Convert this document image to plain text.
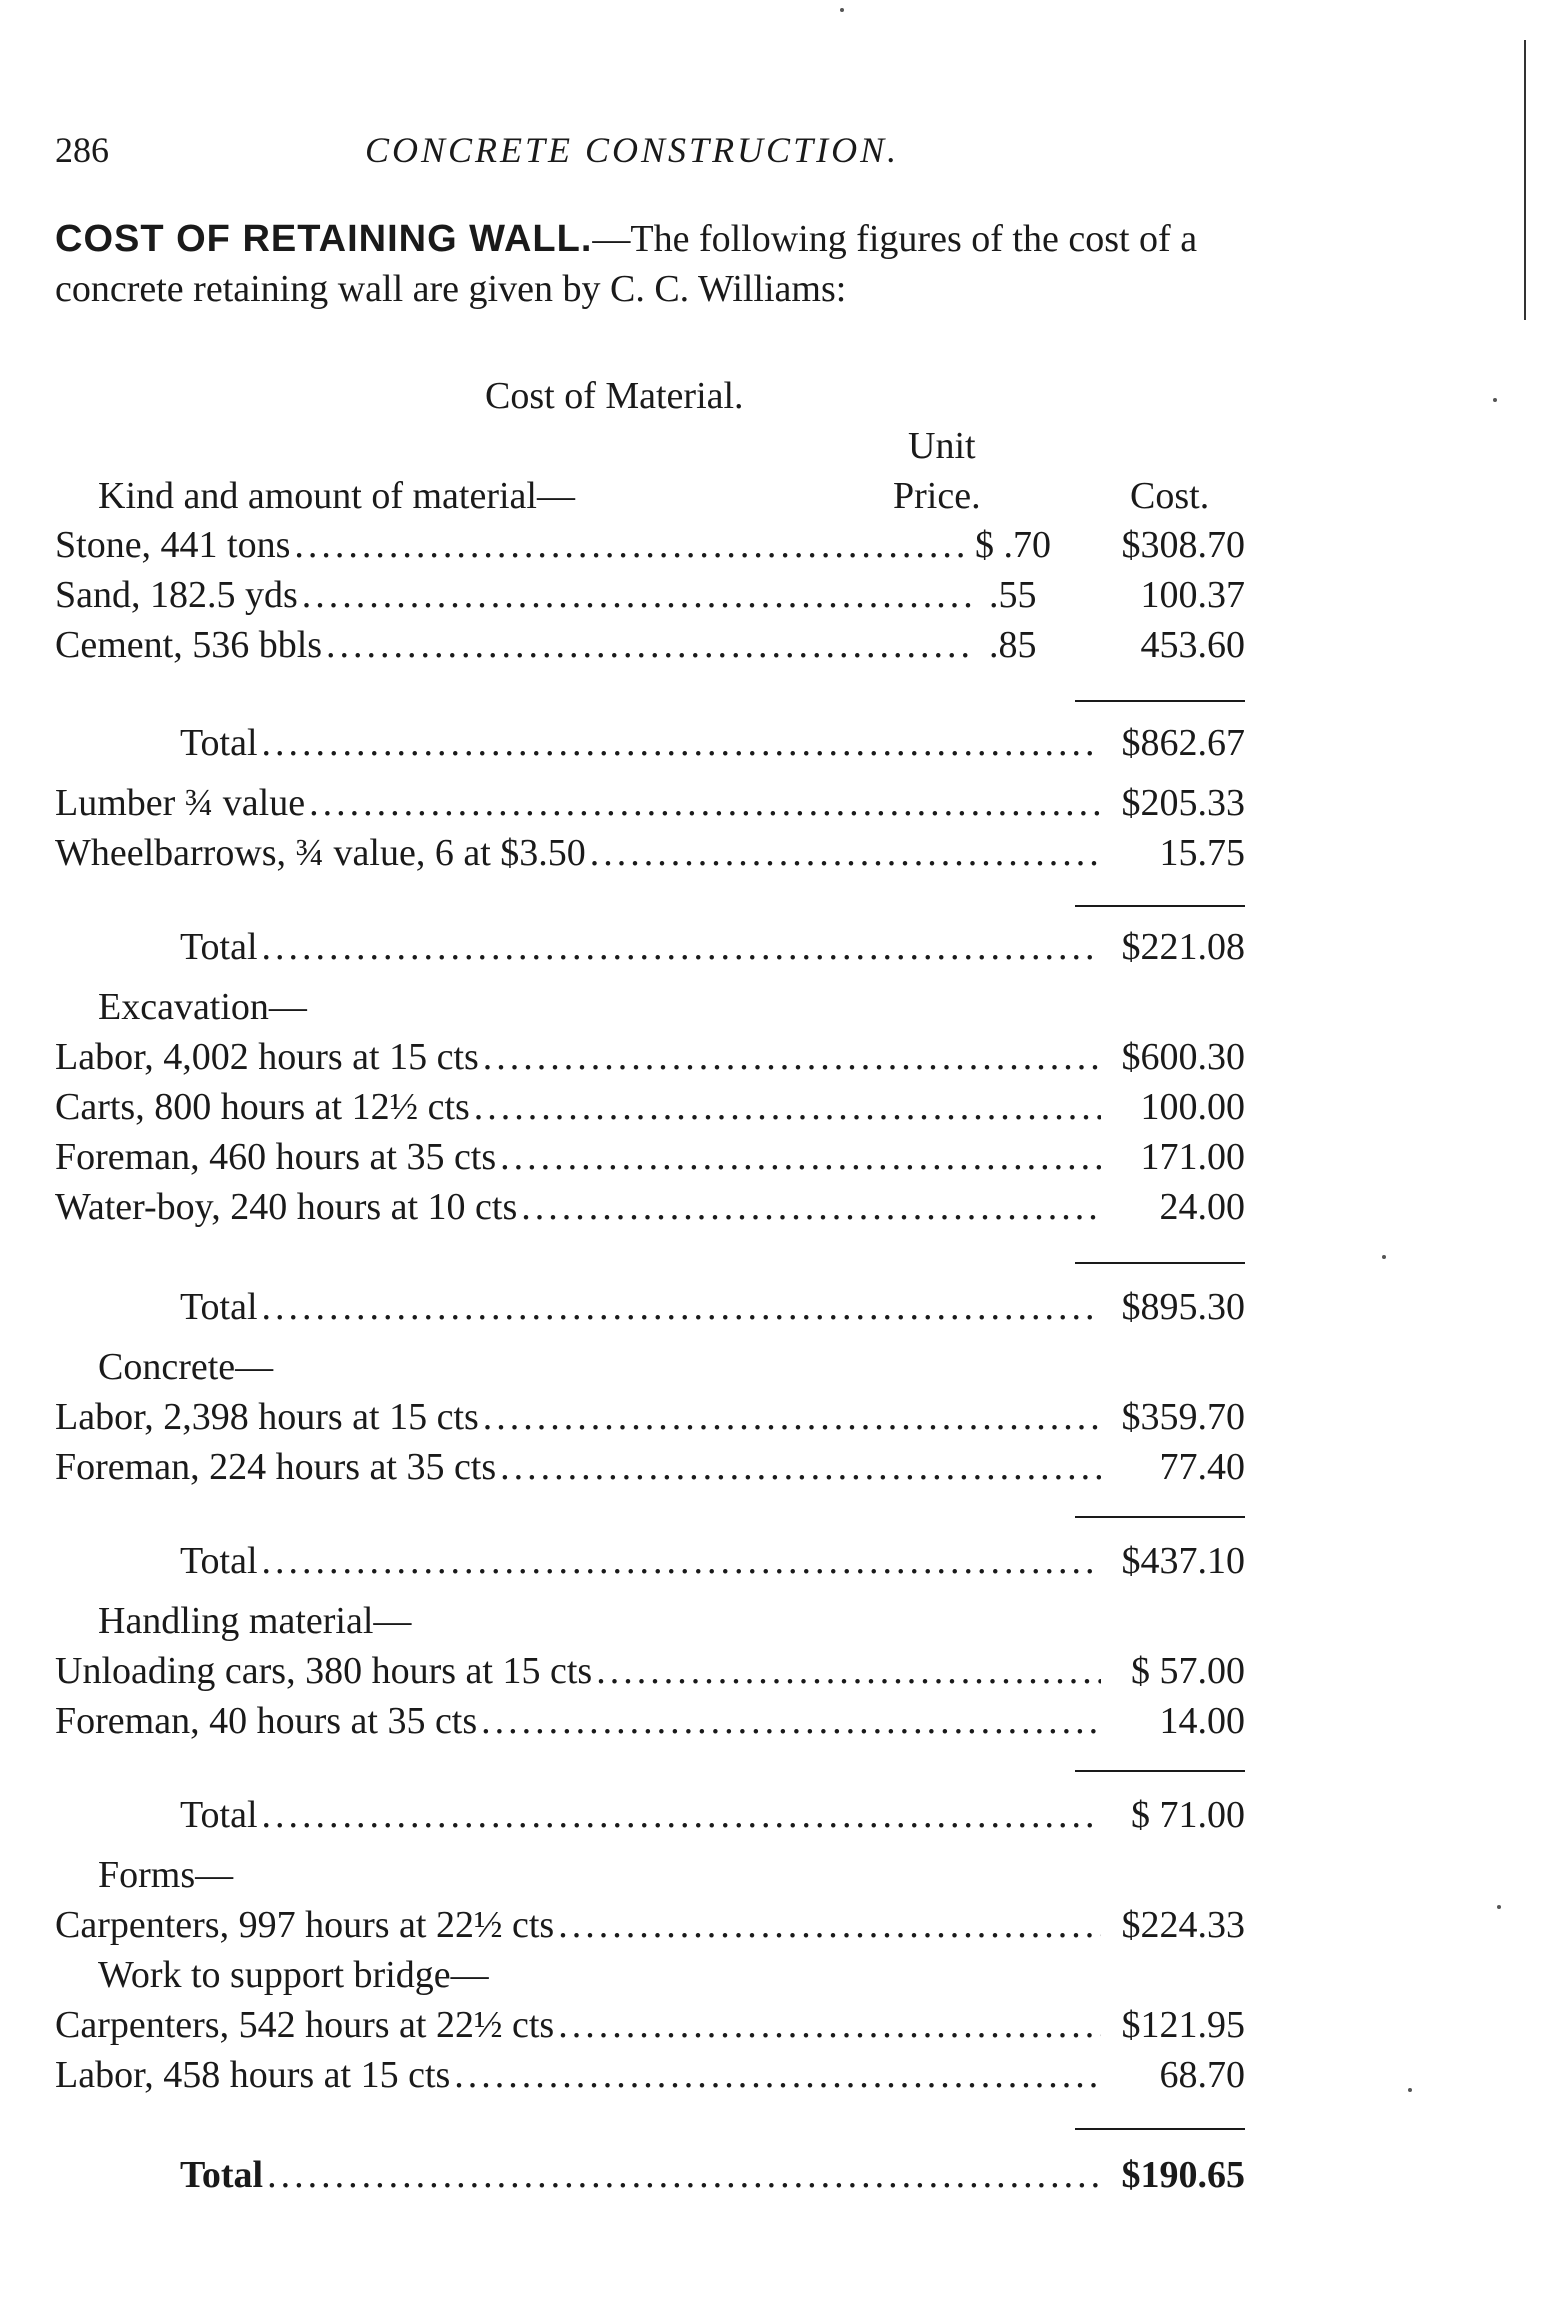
286	CONCRETE CONSTRUCTION.
COST OF RETAINING WALL.—The following figures of the cost of a concrete retaining wall are given by C. C. Williams:
Cost of Material.
Unit
Kind and amount of material—	Price.	Cost.
Stone, 441 tons .....	$ .70	$308.70
Sand, 182.5 yds .....	.55	100.37
Cement, 536 bbls .....	.85	453.60
Total .....	$862.67
Lumber ¾ value .....	$205.33
Wheelbarrows, ¾ value, 6 at $3.50 .....	15.75
Total .....	$221.08
Excavation—
Labor, 4,002 hours at 15 cts .....	$600.30
Carts, 800 hours at 12½ cts .....	100.00
Foreman, 460 hours at 35 cts .....	171.00
Water-boy, 240 hours at 10 cts .....	24.00
Total .....	$895.30
Concrete—
Labor, 2,398 hours at 15 cts .....	$359.70
Foreman, 224 hours at 35 cts .....	77.40
Total .....	$437.10
Handling material—
Unloading cars, 380 hours at 15 cts .....	$ 57.00
Foreman, 40 hours at 35 cts .....	14.00
Total .....	$ 71.00
Forms—
Carpenters, 997 hours at 22½ cts .....	$224.33
Work to support bridge—
Carpenters, 542 hours at 22½ cts .....	$121.95
Labor, 458 hours at 15 cts .....	68.70
Total .....	$190.65
